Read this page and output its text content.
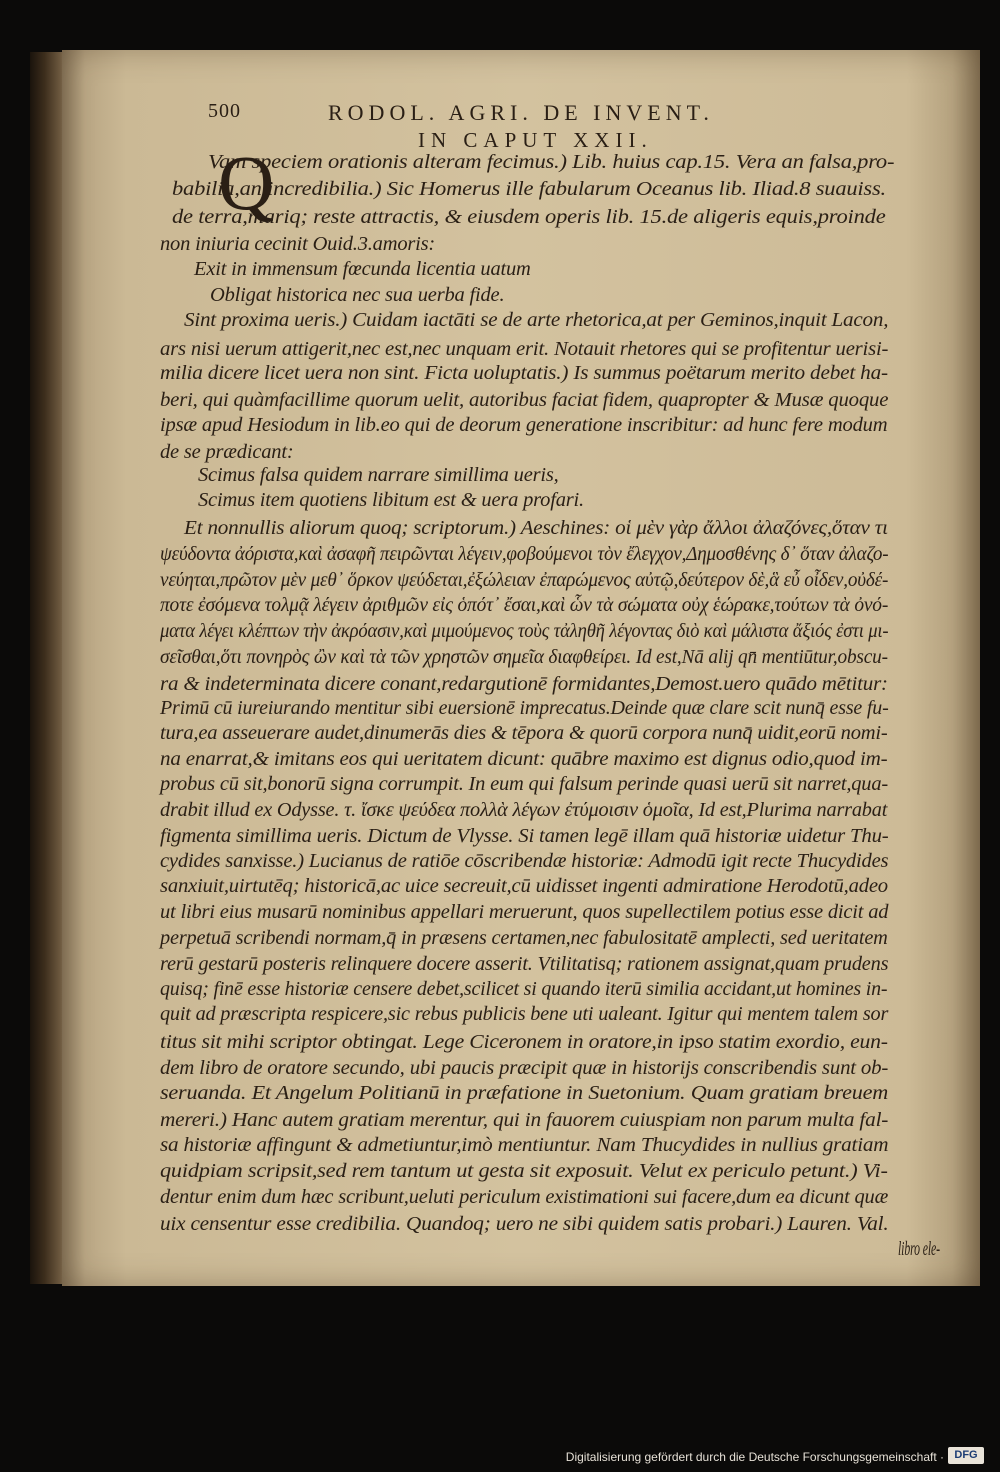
500	RODOL. AGRI. DE INVENT.
IN CAPUT XXII.
Q
Vam speciem orationis alteram fecimus.) Lib. huius cap.15. Vera an falsa,pro-
babilia,an incredibilia.) Sic Homerus ille fabularum Oceanus lib. Iliad.8 suauiss.
de terra,mariq; reste attractis, & eiusdem operis lib. 15.de aligeris equis,proinde
non iniuria cecinit Ouid.3.amoris:
Exit in immensum fœcunda licentia uatum
Obligat historica nec sua uerba fide.
Sint proxima ueris.) Cuidam iactāti se de arte rhetorica,at per Geminos,inquit Lacon,
ars nisi uerum attigerit,nec est,nec unquam erit. Notauit rhetores qui se profitentur uerisi-
milia dicere licet uera non sint. Ficta uoluptatis.) Is summus poëtarum merito debet ha-
beri, qui quàmfacillime quorum uelit, autoribus faciat fidem, quapropter & Musæ quoque
ipsæ apud Hesiodum in lib.eo qui de deorum generatione inscribitur: ad hunc fere modum
de se prædicant:
Scimus falsa quidem narrare simillima ueris,
Scimus item quotiens libitum est & uera profari.
Et nonnullis aliorum quoq; scriptorum.) Aeschines: οἱ μὲν γὰρ ἄλλοι ἀλαζόνες,ὅταν τι
ψεύδοντα ἀόριστα,καὶ ἀσαφῆ πειρῶνται λέγειν,φοβούμενοι τὸν ἔλεγχον,Δημοσθένης δ᾽ ὅταν ἀλαζο-
νεύηται,πρῶτον μὲν μεθ᾽ ὅρκον ψεύδεται,ἐξώλειαν ἐπαρώμενος αὐτῷ,δεύτερον δὲ,ἃ εὖ οἶδεν,οὐδέ-
ποτε ἐσόμενα τολμᾷ λέγειν ἀριθμῶν εἰς ὁπότ᾽ ἔσαι,καὶ ὧν τὰ σώματα οὐχ ἑώρακε,τούτων τὰ ὀνό-
ματα λέγει κλέπτων τὴν ἀκρόασιν,καὶ μιμούμενος τοὺς τἀληθῆ λέγοντας διὸ καὶ μάλιστα ἄξιός ἐστι μι-
σεῖσθαι,ὅτι πονηρὸς ὢν καὶ τὰ τῶν χρηστῶν σημεῖα διαφθείρει. Id est,Nā alij qn̄ mentiūtur,obscu-
ra & indeterminata dicere conant,redargutionē formidantes,Demost.uero quādo mētitur:
Primū cū iureiurando mentitur sibi euersionē imprecatus.Deinde quæ clare scit nunq̄ esse fu-
tura,ea asseuerare audet,dinumerās dies & tēpora & quorū corpora nunq̄ uidit,eorū nomi-
na enarrat,& imitans eos qui ueritatem dicunt: quābre maximo est dignus odio,quod im-
probus cū sit,bonorū signa corrumpit. In eum qui falsum perinde quasi uerū sit narret,qua-
drabit illud ex Odysse. τ. ἴσκε ψεύδεα πολλὰ λέγων ἐτύμοισιν ὁμοῖα, Id est,Plurima narrabat
figmenta simillima ueris. Dictum de Vlysse. Si tamen legē illam quā historiæ uidetur Thu-
cydides sanxisse.) Lucianus de ratiōe cōscribendæ historiæ: Admodū igit recte Thucydides
sanxiuit,uirtutēq; historicā,ac uice secreuit,cū uidisset ingenti admiratione Herodotū,adeo
ut libri eius musarū nominibus appellari meruerunt, quos supellectilem potius esse dicit ad
perpetuā scribendi normam,q̄ in præsens certamen,nec fabulositatē amplecti, sed ueritatem
rerū gestarū posteris relinquere docere asserit. Vtilitatisq; rationem assignat,quam prudens
quisq; finē esse historiæ censere debet,scilicet si quando iterū similia accidant,ut homines in-
quit ad præscripta respicere,sic rebus publicis bene uti ualeant. Igitur qui mentem talem sor
titus sit mihi scriptor obtingat. Lege Ciceronem in oratore,in ipso statim exordio, eun-
dem libro de oratore secundo, ubi paucis præcipit quæ in historijs conscribendis sunt ob-
seruanda. Et Angelum Politianū in præfatione in Suetonium. Quam gratiam breuem
mereri.) Hanc autem gratiam merentur, qui in fauorem cuiuspiam non parum multa fal-
sa historiæ affingunt & admetiuntur,imò mentiuntur. Nam Thucydides in nullius gratiam
quidpiam scripsit,sed rem tantum ut gesta sit exposuit. Velut ex periculo petunt.) Vi-
dentur enim dum hæc scribunt,ueluti periculum existimationi sui facere,dum ea dicunt quæ
uix censentur esse credibilia. Quandoq; uero ne sibi quidem satis probari.) Lauren. Val.
libro ele-
Digitalisierung gefördert durch die Deutsche Forschungsgemeinschaft · DFG
